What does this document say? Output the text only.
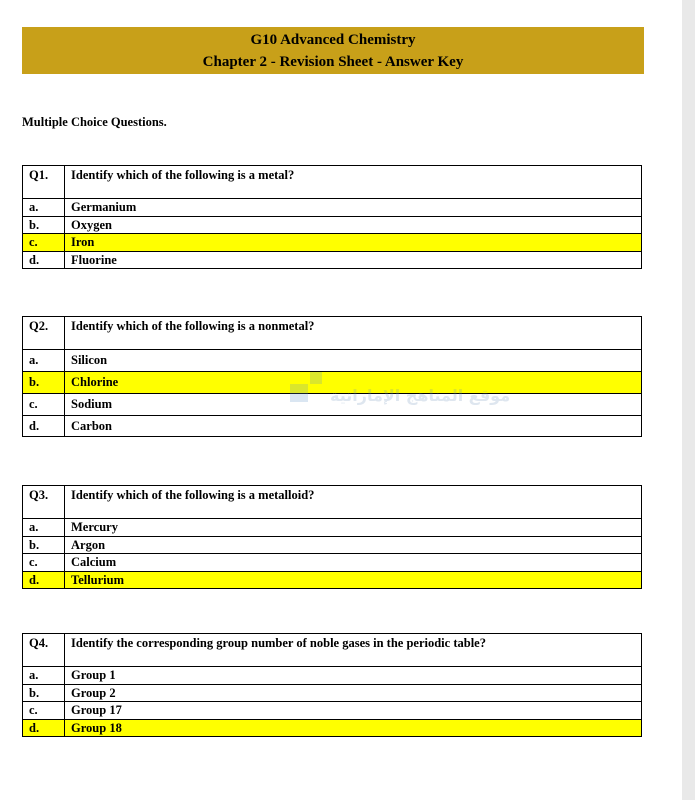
G10 Advanced Chemistry
Chapter 2 - Revision Sheet - Answer Key
Multiple Choice Questions.
Q1.	Identify which of the following is a metal?
a.	Germanium
b.	Oxygen
c.	Iron
d.	Fluorine
Q2.	Identify which of the following is a nonmetal?
a.	Silicon
b.	Chlorine
c.	Sodium
d.	Carbon
Q3.	Identify which of the following is a metalloid?
a.	Mercury
b.	Argon
c.	Calcium
d.	Tellurium
Q4.	Identify the corresponding group number of noble gases in the periodic table?
a.	Group 1
b.	Group 2
c.	Group 17
d.	Group 18
موقع المناهج الإماراتية
